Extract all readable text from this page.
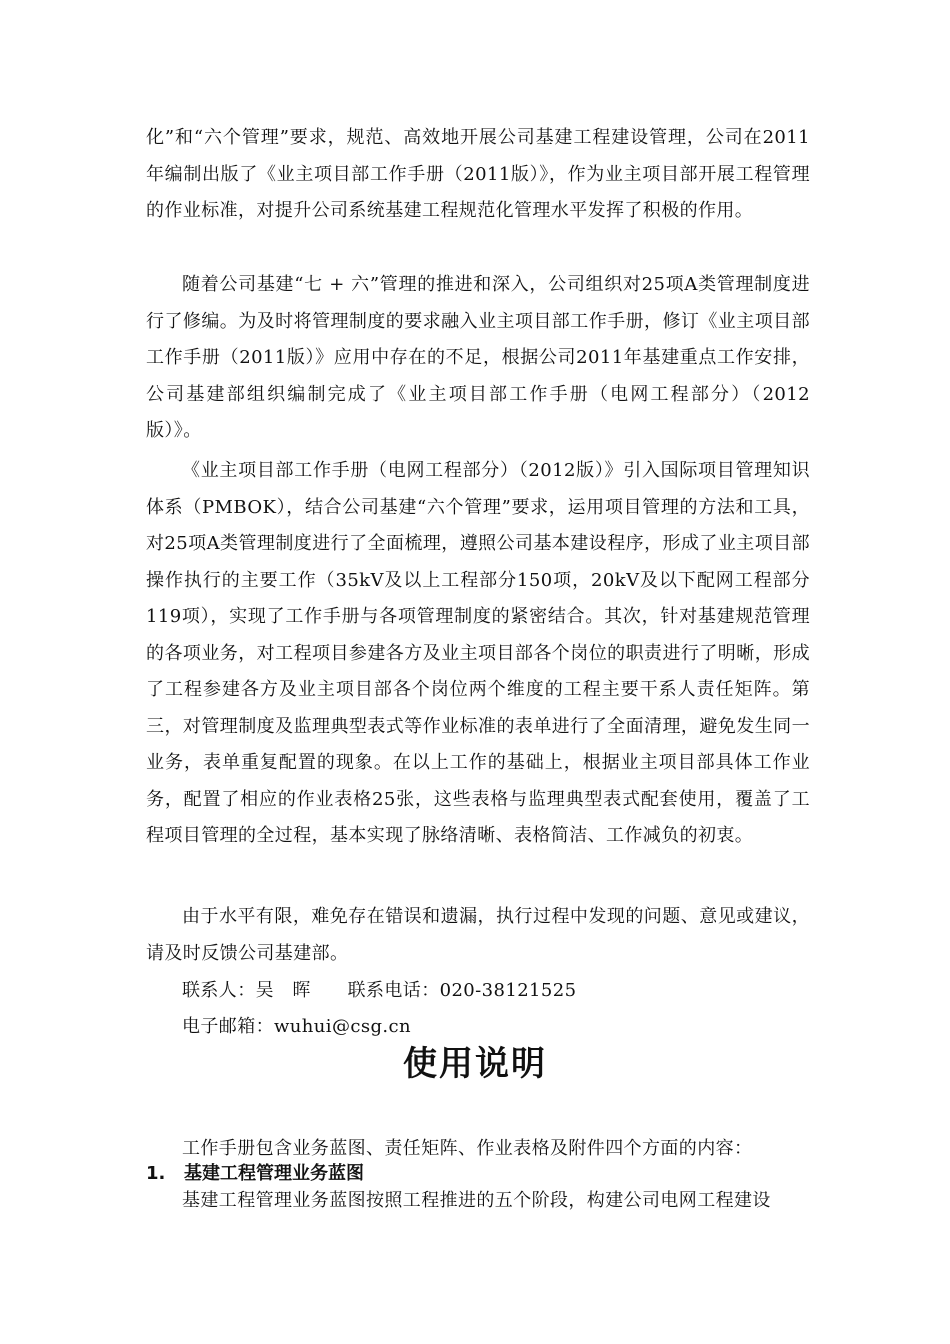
化”和“六个管理”要求，规范、高效地开展公司基建工程建设管理，公司在2011年编制出版了《业主项目部工作手册（2011版）》，作为业主项目部开展工程管理的作业标准，对提升公司系统基建工程规范化管理水平发挥了积极的作用。

随着公司基建“七 + 六”管理的推进和深入，公司组织对25项A类管理制度进行了修编。为及时将管理制度的要求融入业主项目部工作手册，修订《业主项目部工作手册（2011版）》应用中存在的不足，根据公司2011年基建重点工作安排，公司基建部组织编制完成了《业主项目部工作手册（电网工程部分）（2012版）》。

《业主项目部工作手册（电网工程部分）（2012版）》引入国际项目管理知识体系（PMBOK），结合公司基建“六个管理”要求，运用项目管理的方法和工具，对25项A类管理制度进行了全面梳理，遵照公司基本建设程序，形成了业主项目部操作执行的主要工作（35kV及以上工程部分150项，20kV及以下配网工程部分119项），实现了工作手册与各项管理制度的紧密结合。其次，针对基建规范管理的各项业务，对工程项目参建各方及业主项目部各个岗位的职责进行了明晰，形成了工程参建各方及业主项目部各个岗位两个维度的工程主要干系人责任矩阵。第三，对管理制度及监理典型表式等作业标准的表单进行了全面清理，避免发生同一业务，表单重复配置的现象。在以上工作的基础上，根据业主项目部具体工作业务，配置了相应的作业表格25张，这些表格与监理典型表式配套使用，覆盖了工程项目管理的全过程，基本实现了脉络清晰、表格简洁、工作减负的初衷。

由于水平有限，难免存在错误和遗漏，执行过程中发现的问题、意见或建议，请及时反馈公司基建部。

联系人：吴　晖　　联系电话：020-38121525

电子邮箱：wuhui@csg.cn

使用说明

工作手册包含业务蓝图、责任矩阵、作业表格及附件四个方面的内容：

1. 基建工程管理业务蓝图

基建工程管理业务蓝图按照工程推进的五个阶段，构建公司电网工程建设
